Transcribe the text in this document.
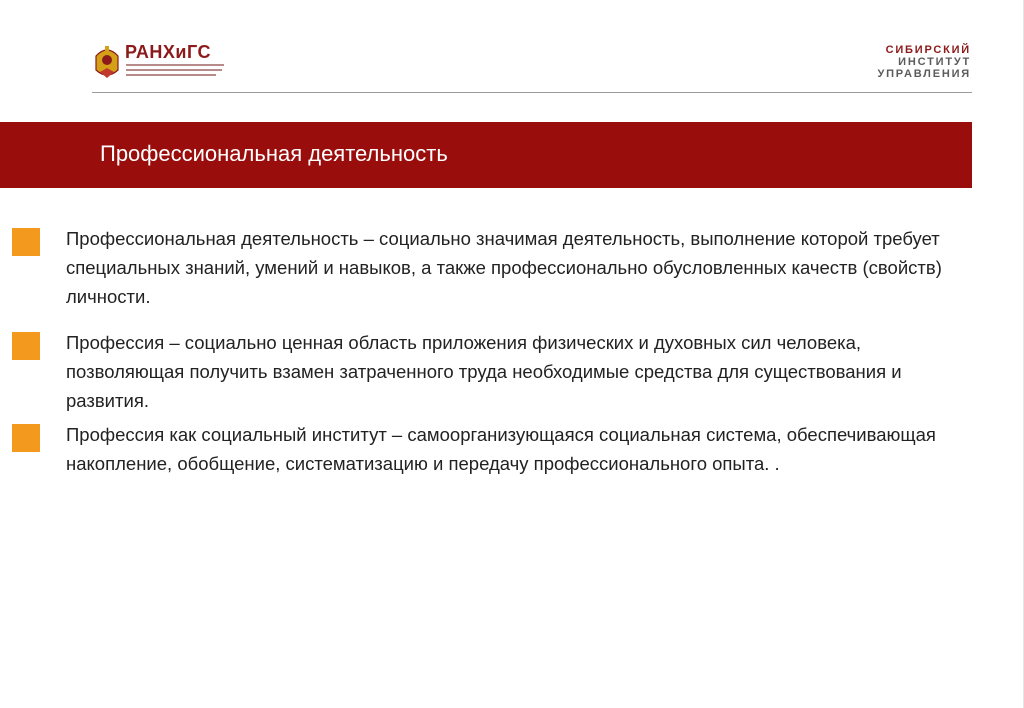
РАНХиГС	СИБИРСКИЙ
ИНСТИТУТ
УПРАВЛЕНИЯ
Профессиональная деятельность
Профессиональная деятельность – социально значимая деятельность, выполнение которой требует специальных знаний, умений и навыков, а также профессионально обусловленных качеств (свойств) личности.
Профессия – социально ценная область приложения физических и духовных сил человека, позволяющая получить взамен затраченного труда необходимые средства для существования и развития.
Профессия как социальный институт – самоорганизующаяся социальная система, обеспечивающая накопление, обобщение, систематизацию и передачу профессионального опыта. .
